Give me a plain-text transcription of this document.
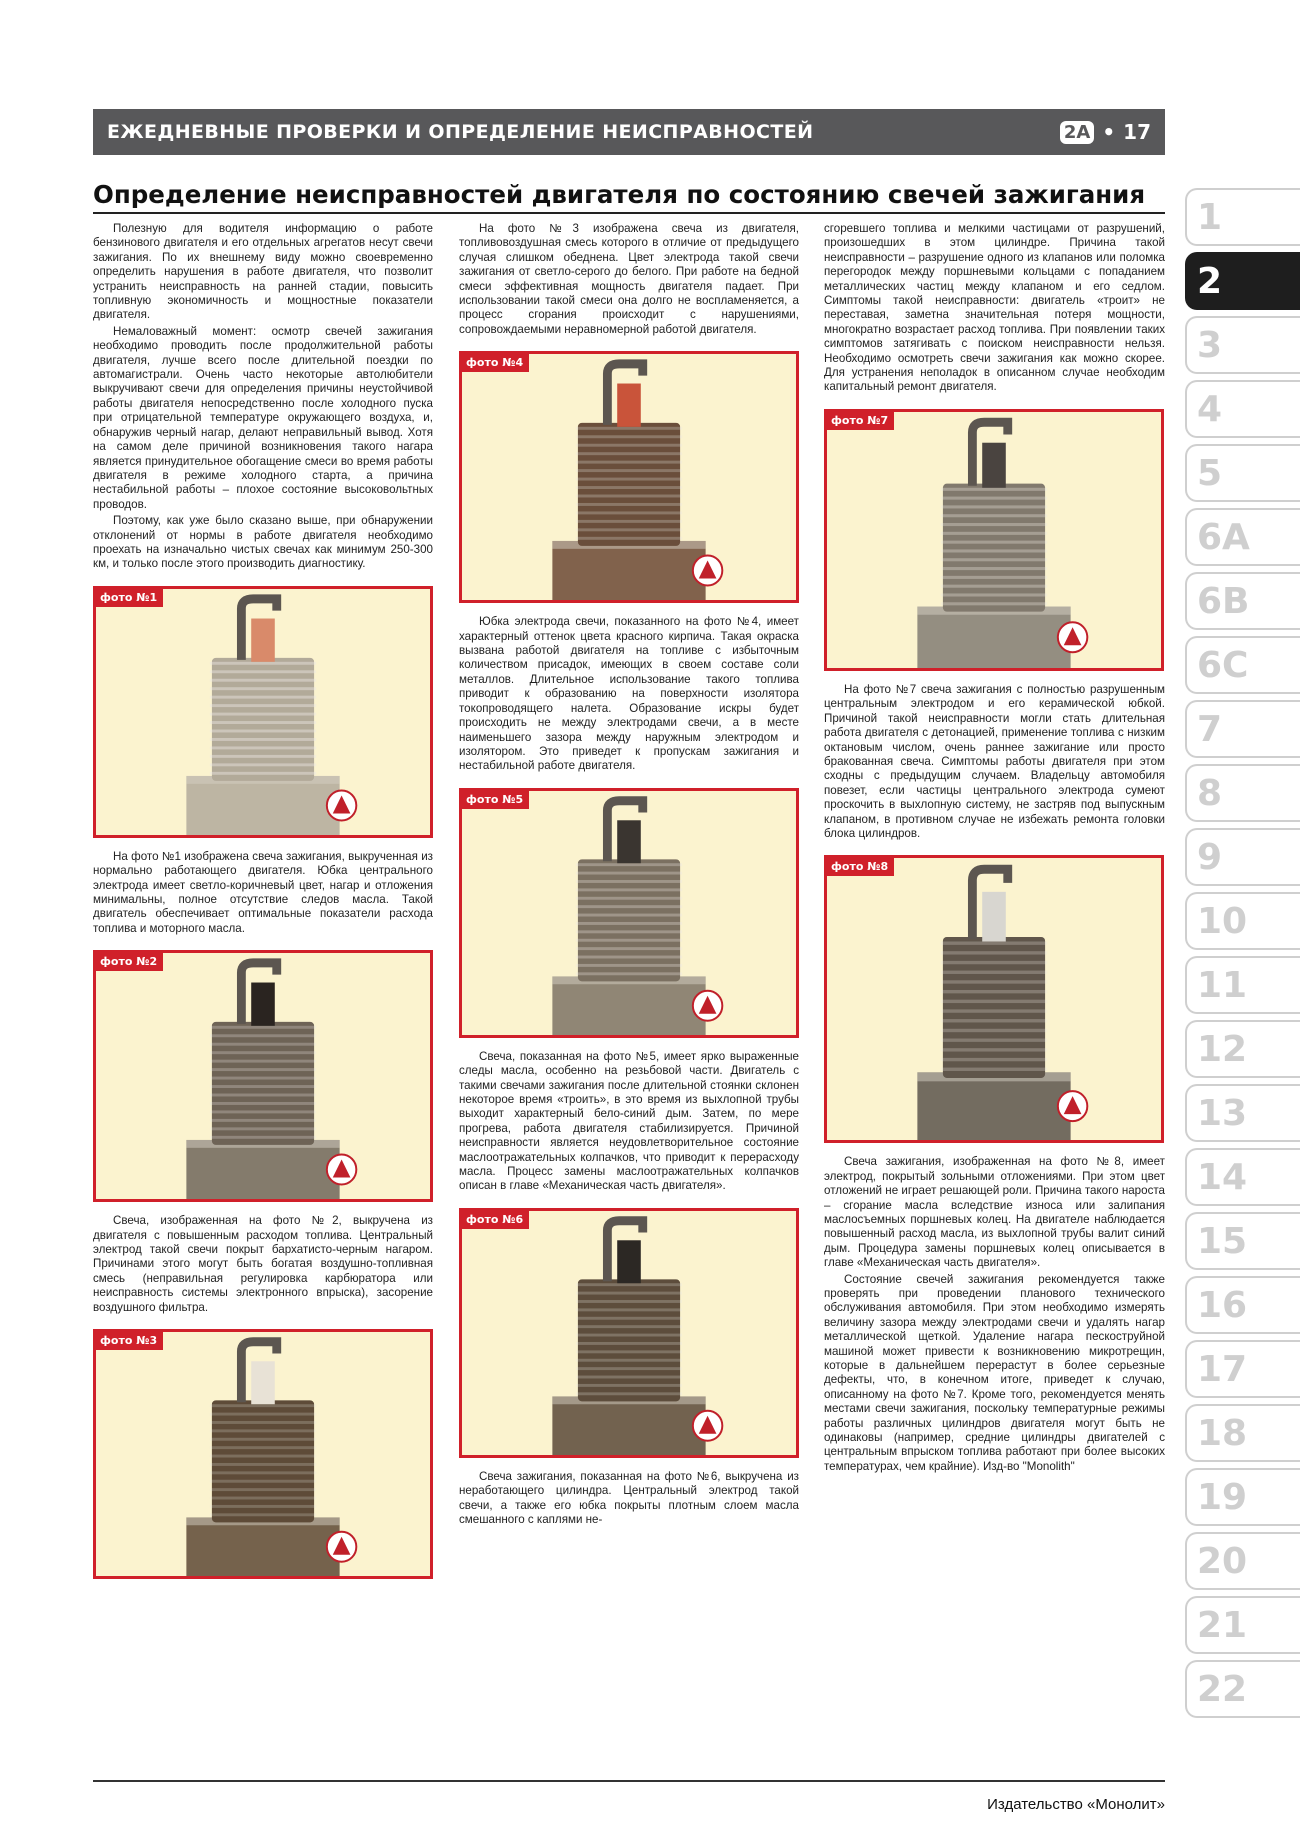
ЕЖЕДНЕВНЫЕ ПРОВЕРКИ И ОПРЕДЕЛЕНИЕ НЕИСПРАВНОСТЕЙ	2А • 17
Определение неисправностей двигателя по состоянию свечей зажигания

Полезную для водителя информацию о работе бензинового двигателя и его отдельных агрегатов несут свечи зажигания. По их внешнему виду можно своевременно определить нарушения в работе двигателя, что позволит устранить неисправность на ранней стадии, повысить топливную экономичность и мощностные показатели двигателя.

Немаловажный момент: осмотр свечей зажигания необходимо проводить после продолжительной работы двигателя, лучше всего после длительной поездки по автомагистрали. Очень часто некоторые автолюбители выкручивают свечи для определения причины неустойчивой работы двигателя непосредственно после холодного пуска при отрицательной температуре окружающего воздуха, и, обнаружив черный нагар, делают неправильный вывод. Хотя на самом деле причиной возникновения такого нагара является принудительное обогащение смеси во время работы двигателя в режиме холодного старта, а причина нестабильной работы – плохое состояние высоковольтных проводов.

Поэтому, как уже было сказано выше, при обнаружении отклонений от нормы в работе двигателя необходимо проехать на изначально чистых свечах как минимум 250-300 км, и только после этого производить диагностику.

фото №1

На фото №1 изображена свеча зажигания, выкрученная из нормально работающего двигателя. Юбка центрального электрода имеет светло-коричневый цвет, нагар и отложения минимальны, полное отсутствие следов масла. Такой двигатель обеспечивает оптимальные показатели расхода топлива и моторного масла.

фото №2

Свеча, изображенная на фото №2, выкручена из двигателя с повышенным расходом топлива. Центральный электрод такой свечи покрыт бархатисто-черным нагаром. Причинами этого могут быть богатая воздушно-топливная смесь (неправильная регулировка карбюратора или неисправность системы электронного впрыска), засорение воздушного фильтра.

фото №3

На фото №3 изображена свеча из двигателя, топливовоздушная смесь которого в отличие от предыдущего случая слишком обеднена. Цвет электрода такой свечи зажигания от светло-серого до белого. При работе на бедной смеси эффективная мощность двигателя падает. При использовании такой смеси она долго не воспламеняется, а процесс сгорания происходит с нарушениями, сопровождаемыми неравномерной работой двигателя.

фото №4

Юбка электрода свечи, показанного на фото №4, имеет характерный оттенок цвета красного кирпича. Такая окраска вызвана работой двигателя на топливе с избыточным количеством присадок, имеющих в своем составе соли металлов. Длительное использование такого топлива приводит к образованию на поверхности изолятора токопроводящего налета. Образование искры будет происходить не между электродами свечи, а в месте наименьшего зазора между наружным электродом и изолятором. Это приведет к пропускам зажигания и нестабильной работе двигателя.

фото №5

Свеча, показанная на фото №5, имеет ярко выраженные следы масла, особенно на резьбовой части. Двигатель с такими свечами зажигания после длительной стоянки склонен некоторое время «троить», в это время из выхлопной трубы выходит характерный бело-синий дым. Затем, по мере прогрева, работа двигателя стабилизируется. Причиной неисправности является неудовлетворительное состояние маслоотражательных колпачков, что приводит к перерасходу масла. Процесс замены маслоотражательных колпачков описан в главе «Механическая часть двигателя».

фото №6

Свеча зажигания, показанная на фото №6, выкручена из неработающего цилиндра. Центральный электрод такой свечи, а также его юбка покрыты плотным слоем масла смешанного с каплями не-

сгоревшего топлива и мелкими частицами от разрушений, произошедших в этом цилиндре. Причина такой неисправности – разрушение одного из клапанов или поломка перегородок между поршневыми кольцами с попаданием металлических частиц между клапаном и его седлом. Симптомы такой неисправности: двигатель «троит» не переставая, заметна значительная потеря мощности, многократно возрастает расход топлива. При появлении таких симптомов затягивать с поиском неисправности нельзя. Необходимо осмотреть свечи зажигания как можно скорее. Для устранения неполадок в описанном случае необходим капитальный ремонт двигателя.

фото №7

На фото №7 свеча зажигания с полностью разрушенным центральным электродом и его керамической юбкой. Причиной такой неисправности могли стать длительная работа двигателя с детонацией, применение топлива с низким октановым числом, очень раннее зажигание или просто бракованная свеча. Симптомы работы двигателя при этом сходны с предыдущим случаем. Владельцу автомобиля повезет, если частицы центрального электрода сумеют проскочить в выхлопную систему, не застряв под выпускным клапаном, в противном случае не избежать ремонта головки блока цилиндров.

фото №8

Свеча зажигания, изображенная на фото №8, имеет электрод, покрытый зольными отложениями. При этом цвет отложений не играет решающей роли. Причина такого нароста – сгорание масла вследствие износа или залипания маслосъемных поршневых колец. На двигателе наблюдается повышенный расход масла, из выхлопной трубы валит синий дым. Процедура замены поршневых колец описывается в главе «Механическая часть двигателя».

Состояние свечей зажигания рекомендуется также проверять при проведении планового технического обслуживания автомобиля. При этом необходимо измерять величину зазора между электродами свечи и удалять нагар металлической щеткой. Удаление нагара пескоструйной машиной может привести к возникновению микротрещин, которые в дальнейшем перерастут в более серьезные дефекты, что, в конечном итоге, приведет к случаю, описанному на фото №7. Кроме того, рекомендуется менять местами свечи зажигания, поскольку температурные режимы работы различных цилиндров двигателя могут быть не одинаковы (например, средние цилиндры двигателей с центральным впрыском топлива работают при более высоких температурах, чем крайние). Изд-во "Monolith"

1
2
3
4
5
6A
6B
6C
7
8
9
10
11
12
13
14
15
16
17
18
19
20
21
22
Издательство «Монолит»
